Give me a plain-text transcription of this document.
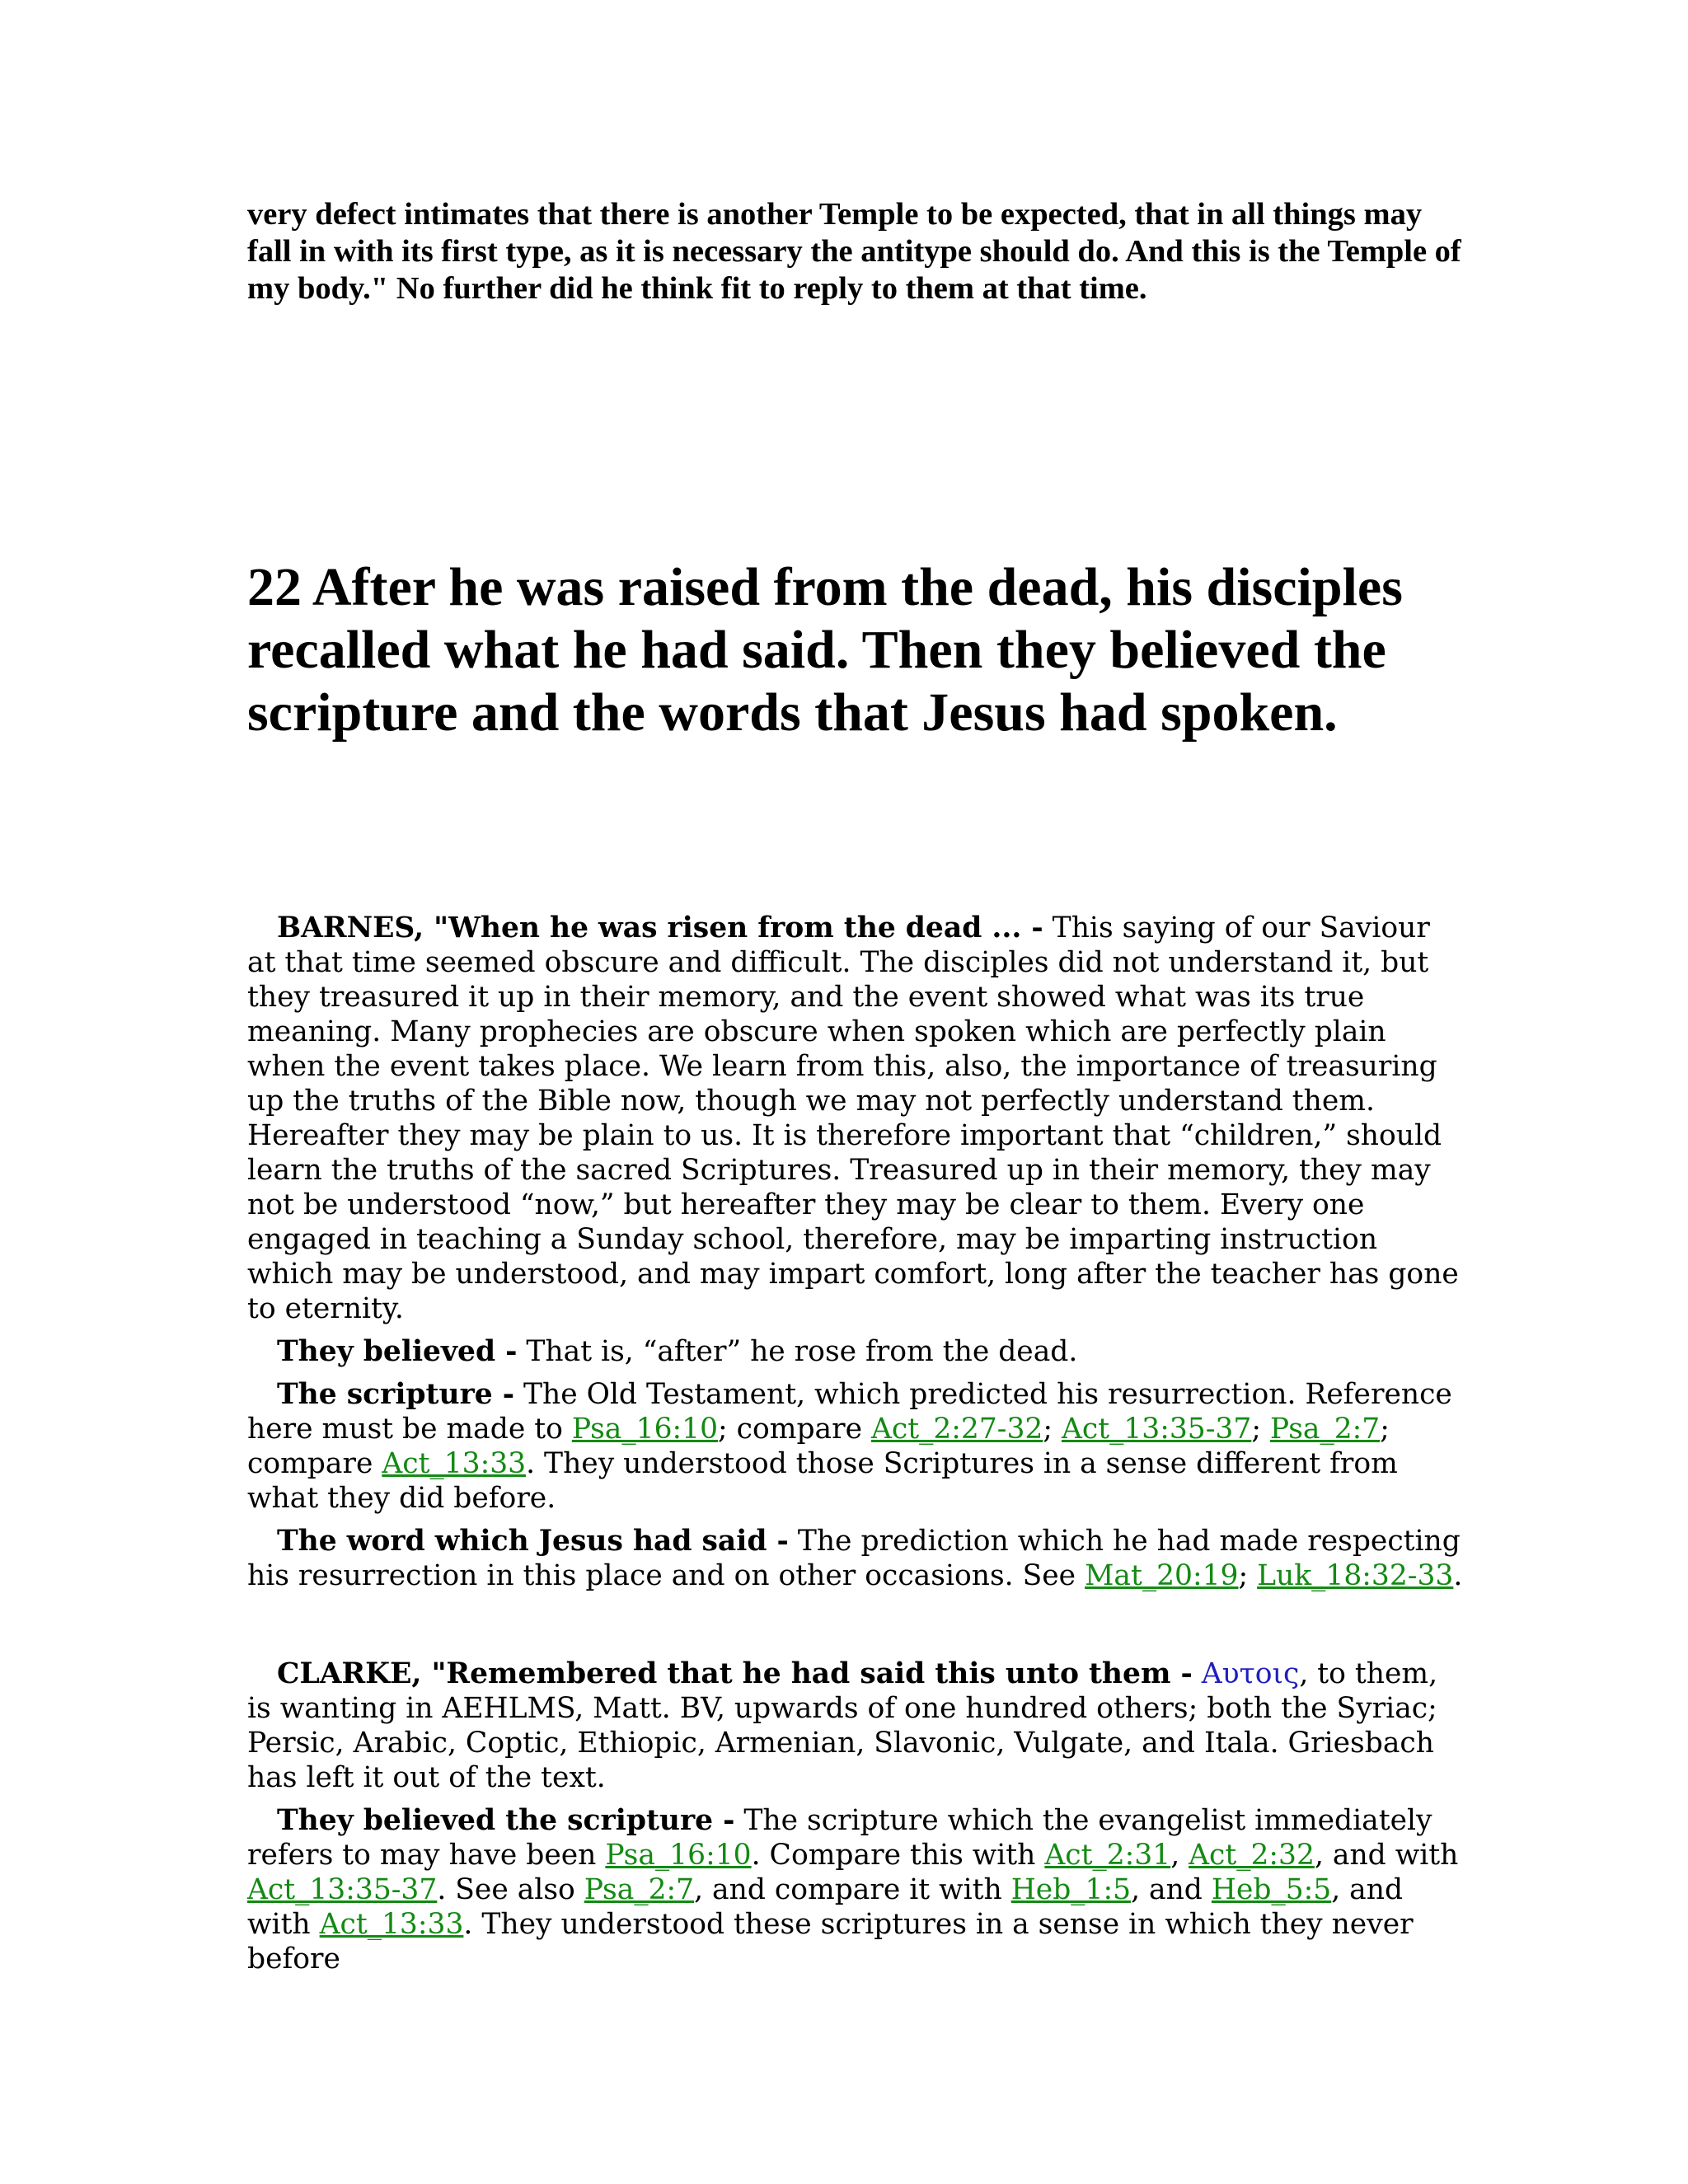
very defect intimates that there is another Temple to be expected, that in all things may fall in with its first type, as it is necessary the antitype should do. And this is the Temple of my body." No further did he think fit to reply to them at that time.
22 After he was raised from the dead, his disciples recalled what he had said. Then they believed the scripture and the words that Jesus had spoken.

BARNES, "When he was risen from the dead ... - This saying of our Saviour at that time seemed obscure and difficult. The disciples did not understand it, but they treasured it up in their memory, and the event showed what was its true meaning. Many prophecies are obscure when spoken which are perfectly plain when the event takes place. We learn from this, also, the importance of treasuring up the truths of the Bible now, though we may not perfectly understand them. Hereafter they may be plain to us. It is therefore important that “children,” should learn the truths of the sacred Scriptures. Treasured up in their memory, they may not be understood “now,” but hereafter they may be clear to them. Every one engaged in teaching a Sunday school, therefore, may be imparting instruction which may be understood, and may impart comfort, long after the teacher has gone to eternity.

They believed - That is, “after” he rose from the dead.

The scripture - The Old Testament, which predicted his resurrection. Reference here must be made to Psa_16:10; compare Act_2:27-32; Act_13:35-37; Psa_2:7; compare Act_13:33. They understood those Scriptures in a sense different from what they did before.

The word which Jesus had said - The prediction which he had made respecting his resurrection in this place and on other occasions. See Mat_20:19; Luk_18:32-33.

CLARKE, "Remembered that he had said this unto them - Αυτοις, to them, is wanting in AEHLMS, Matt. BV, upwards of one hundred others; both the Syriac; Persic, Arabic, Coptic, Ethiopic, Armenian, Slavonic, Vulgate, and Itala. Griesbach has left it out of the text.

They believed the scripture - The scripture which the evangelist immediately refers to may have been Psa_16:10. Compare this with Act_2:31, Act_2:32, and with Act_13:35-37. See also Psa_2:7, and compare it with Heb_1:5, and Heb_5:5, and with Act_13:33. They understood these scriptures in a sense in which they never before
